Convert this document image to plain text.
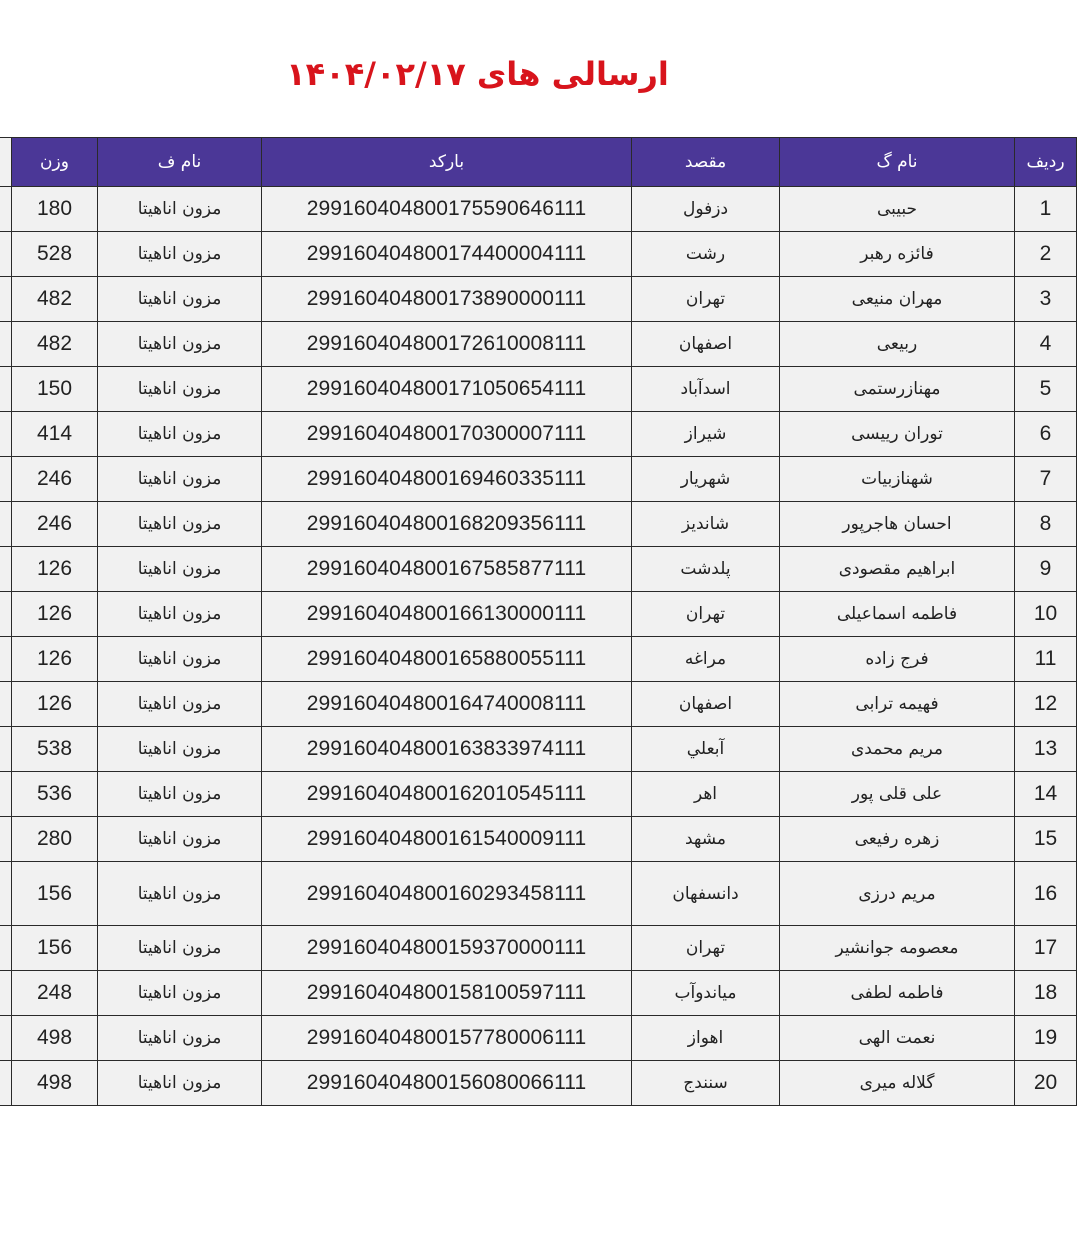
ارسالی های ۱۴۰۴/۰۲/۱۷
ردیف	نام گ	مقصد	بارکد	نام ف	وزن	
1	حبیبی	دزفول	299160404800175590646111	مزون اناهیتا	180	
2	فائزه رهبر	رشت	299160404800174400004111	مزون اناهیتا	528	
3	مهران منیعی	تهران	299160404800173890000111	مزون اناهیتا	482	
4	ربیعی	اصفهان	299160404800172610008111	مزون اناهیتا	482	
5	مهنازرستمی	اسدآباد	299160404800171050654111	مزون اناهیتا	150	
6	توران رییسی	شیراز	299160404800170300007111	مزون اناهیتا	414	
7	شهنازبیات	شهریار	299160404800169460335111	مزون اناهیتا	246	
8	احسان هاجرپور	شاندیز	299160404800168209356111	مزون اناهیتا	246	
9	ابراهیم مقصودی	پلدشت	299160404800167585877111	مزون اناهیتا	126	
10	فاطمه اسماعیلی	تهران	299160404800166130000111	مزون اناهیتا	126	
11	فرج زاده	مراغه	299160404800165880055111	مزون اناهیتا	126	
12	فهیمه ترابی	اصفهان	299160404800164740008111	مزون اناهیتا	126	
13	مریم محمدی	آبعلي	299160404800163833974111	مزون اناهیتا	538	
14	علی قلی پور	اهر	299160404800162010545111	مزون اناهیتا	536	
15	زهره رفیعی	مشهد	299160404800161540009111	مزون اناهیتا	280	
16	مریم درزی	دانسفهان	299160404800160293458111	مزون اناهیتا	156	
17	معصومه جوانشیر	تهران	299160404800159370000111	مزون اناهیتا	156	
18	فاطمه لطفی	میاندوآب	299160404800158100597111	مزون اناهیتا	248	
19	نعمت الهی	اهواز	299160404800157780006111	مزون اناهیتا	498	
20	گلاله میری	سنندج	299160404800156080066111	مزون اناهیتا	498	
